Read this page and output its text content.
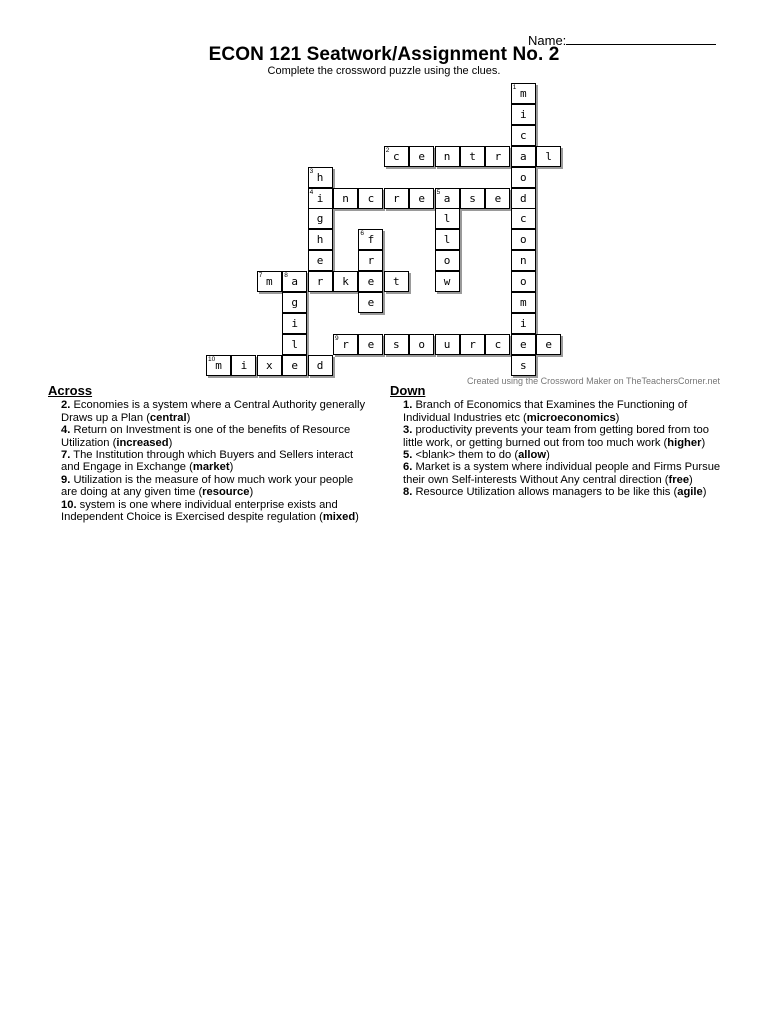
Name:
ECON 121 Seatwork/Assignment No. 2
Complete the crossword puzzle using the clues.
1 m
i
c
2 c	e	n	t	r	a	l
3 h	o
4 i	n	c	r	e	5 a	s	e	d
g	l	c
h	6 f	l	o
e	r	o	n
7 m	8 a	r	k	e	t	w	o
g	e	m
i	i
l	9 r	e	s	o	u	r	c	e	e
10 m	i	x	e	d	s
Created using the Crossword Maker on TheTeachersCorner.net
Across
2. Economies is a system where a Central Authority generally Draws up a Plan (central)
4. Return on Investment is one of the benefits of Resource Utilization (increased)
7. The Institution through which Buyers and Sellers interact and Engage in Exchange (market)
9. Utilization is the measure of how much work your people are doing at any given time (resource)
10. system is one where individual enterprise exists and Independent Choice is Exercised despite regulation (mixed)
Down
1. Branch of Economics that Examines the Functioning of Individual Industries etc (microeconomics)
3. productivity prevents your team from getting bored from too little work, or getting burned out from too much work (higher)
5. <blank> them to do (allow)
6. Market is a system where individual people and Firms Pursue their own Self-interests Without Any central direction (free)
8. Resource Utilization allows managers to be like this (agile)
